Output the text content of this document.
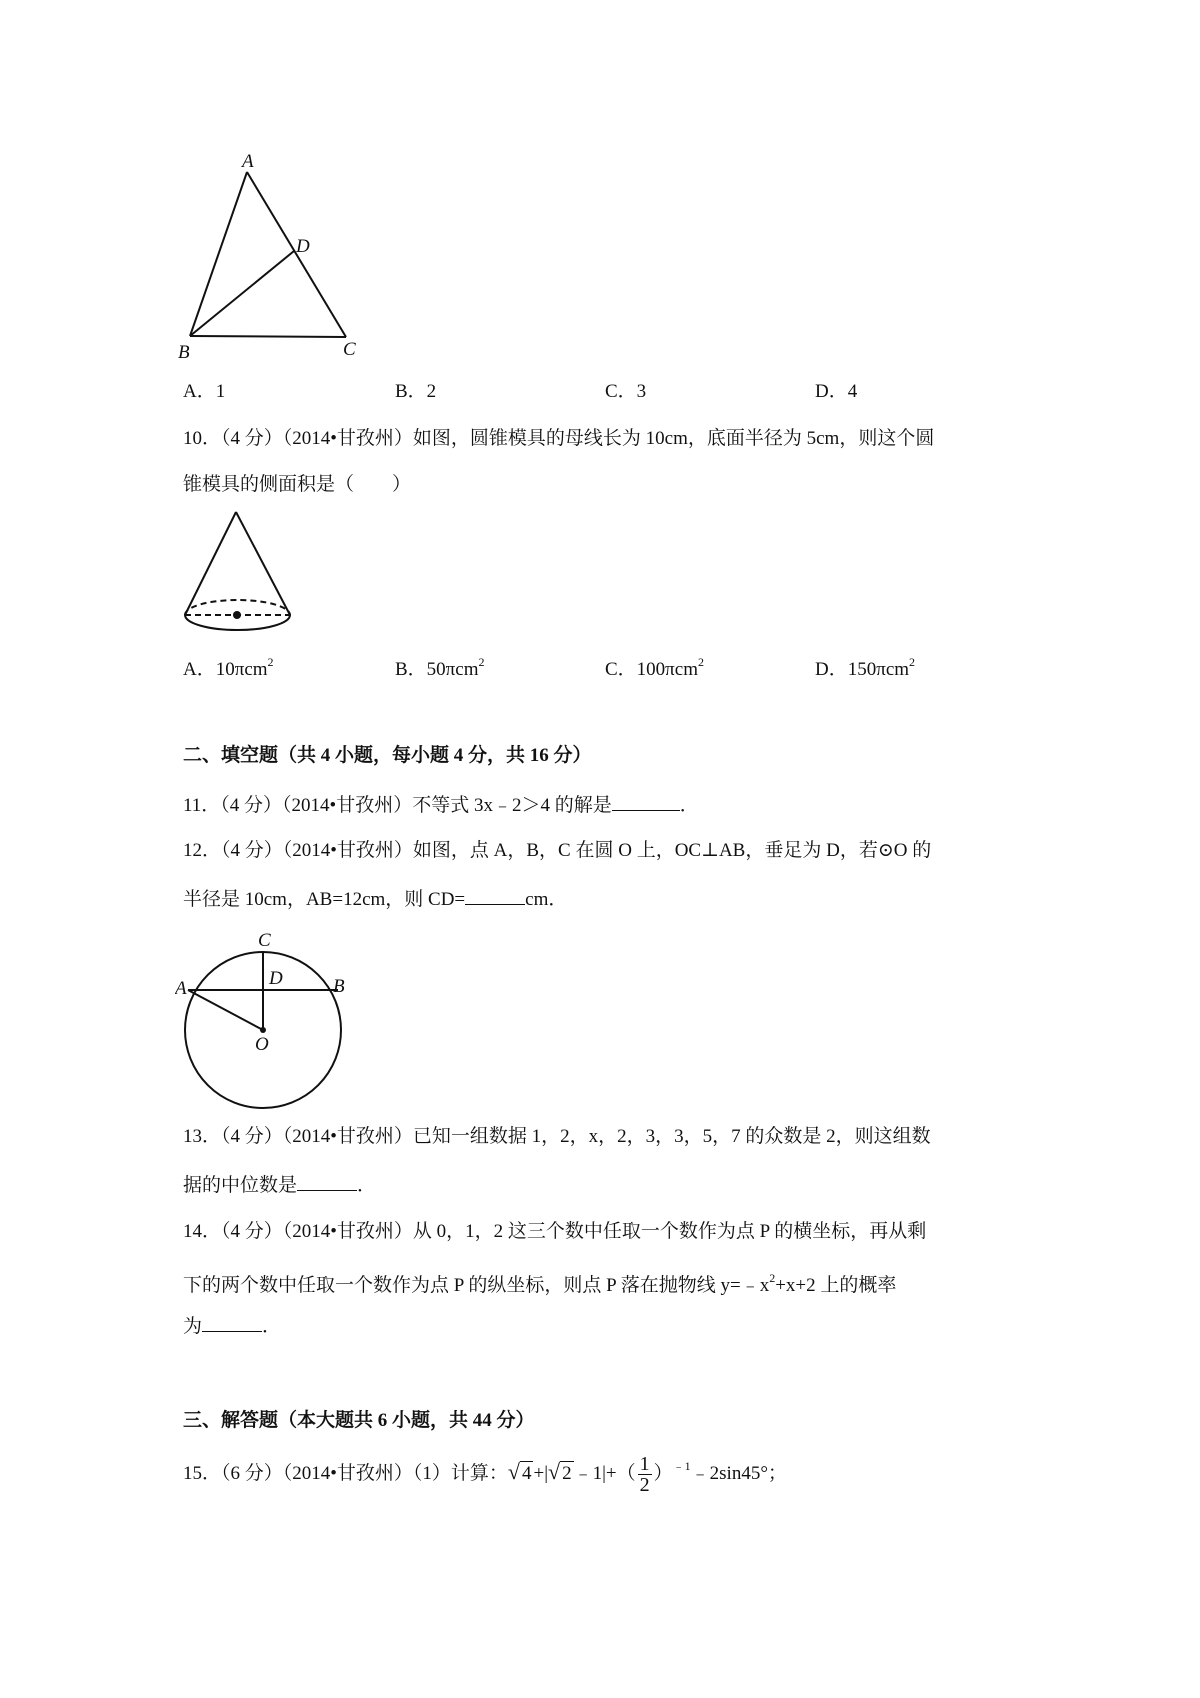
A
D
B	C
A．1	B．2	C．3	D．4
10．（4 分）（2014•甘孜州）如图，圆锥模具的母线长为 10cm，底面半径为 5cm，则这个圆
锥模具的侧面积是（　　）
A．10πcm$^2$	B．50πcm$^2$	C．100πcm$^2$	D．150πcm$^2$
二、填空题（共 4 小题，每小题 4 分，共 16 分）
11．（4 分）（2014•甘孜州）不等式 3x﹣2＞4 的解是	．
12．（4 分）（2014•甘孜州）如图，点 A，B，C 在圆 O 上，OC⊥AB，垂足为 D，若⊙O 的
半径是 10cm，AB=12cm，则 CD=	cm．
C
D
A	B
O
13．（4 分）（2014•甘孜州）已知一组数据 1，2，x，2，3，3，5，7 的众数是 2，则这组数
据的中位数是	．
14．（4 分）（2014•甘孜州）从 0，1，2 这三个数中任取一个数作为点 P 的横坐标，再从剩
下的两个数中任取一个数作为点 P 的纵坐标，则点 P 落在抛物线 $y=﹣x^2+x+2$ 上的概率
为	．
三、解答题（本大题共 6 小题，共 44 分）
15．（6 分）（2014•甘孜州）（1）计算：√ 4 +|√ 2 ﹣1|+（ $\frac{1}{2}$ ）$^{﹣1}$﹣2sin45°；
